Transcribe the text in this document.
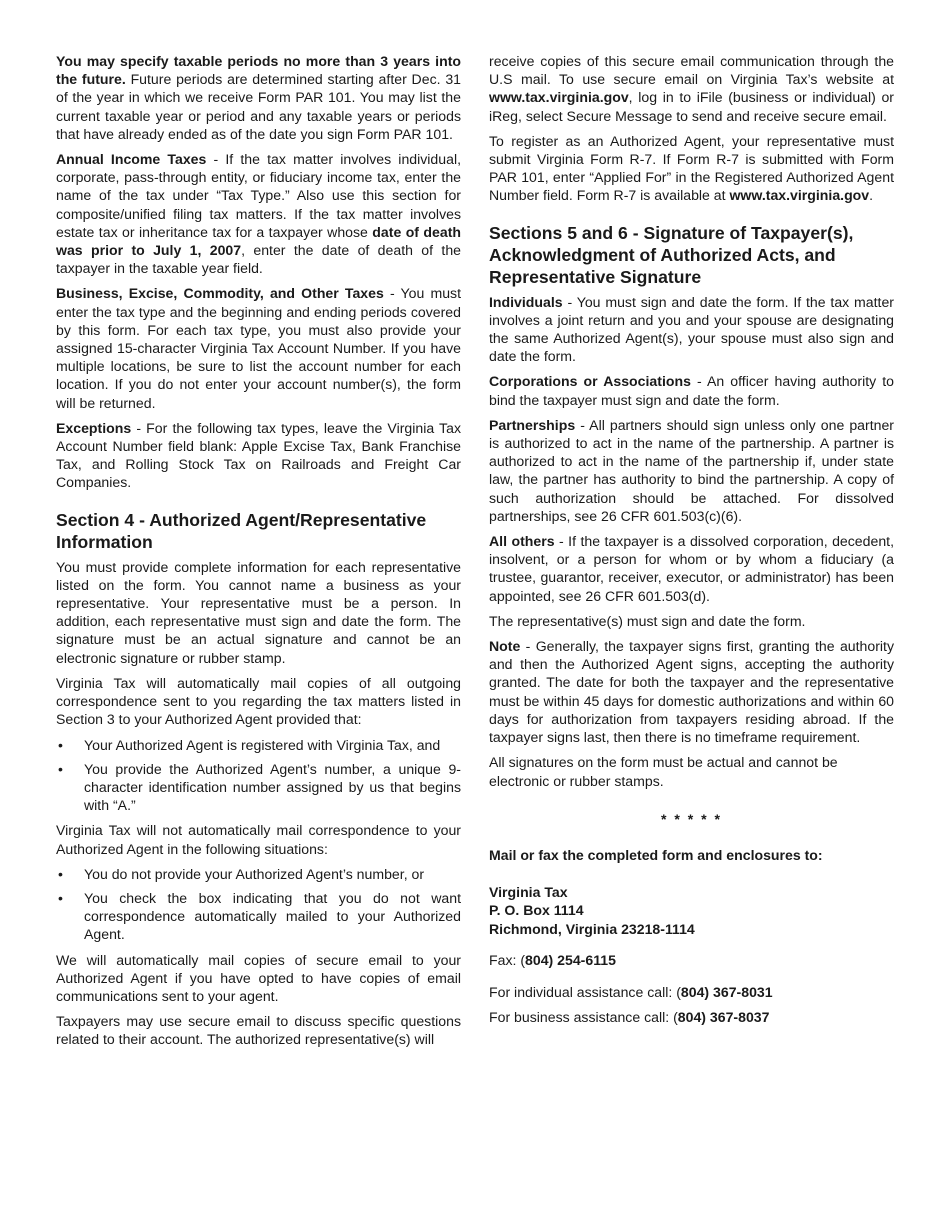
You may specify taxable periods no more than 3 years into the future. Future periods are determined starting after Dec. 31 of the year in which we receive Form PAR 101. You may list the current taxable year or period and any taxable years or periods that have already ended as of the date you sign Form PAR 101.

Annual Income Taxes - If the tax matter involves individual, corporate, pass-through entity, or fiduciary income tax, enter the name of the tax under “Tax Type.” Also use this section for composite/unified filing tax matters. If the tax matter involves estate tax or inheritance tax for a taxpayer whose date of death was prior to July 1, 2007, enter the date of death of the taxpayer in the taxable year field.

Business, Excise, Commodity, and Other Taxes - You must enter the tax type and the beginning and ending periods covered by this form. For each tax type, you must also provide your assigned 15-character Virginia Tax Account Number. If you have multiple locations, be sure to list the account number for each location. If you do not enter your account number(s), the form will be returned.

Exceptions - For the following tax types, leave the Virginia Tax Account Number field blank: Apple Excise Tax, Bank Franchise Tax, and Rolling Stock Tax on Railroads and Freight Car Companies.

Section 4 - Authorized Agent/Representative Information

You must provide complete information for each representative listed on the form. You cannot name a business as your representative. Your representative must be a person. In addition, each representative must sign and date the form. The signature must be an actual signature and cannot be an electronic signature or rubber stamp.

Virginia Tax will automatically mail copies of all outgoing correspondence sent to you regarding the tax matters listed in Section 3 to your Authorized Agent provided that:

• Your Authorized Agent is registered with Virginia Tax, and
• You provide the Authorized Agent’s number, a unique 9-character identification number assigned by us that begins with “A.”

Virginia Tax will not automatically mail correspondence to your Authorized Agent in the following situations:

• You do not provide your Authorized Agent’s number, or
• You check the box indicating that you do not want correspondence automatically mailed to your Authorized Agent.

We will automatically mail copies of secure email to your Authorized Agent if you have opted to have copies of email communications sent to your agent.

Taxpayers may use secure email to discuss specific questions related to their account. The authorized representative(s) will

receive copies of this secure email communication through the U.S mail. To use secure email on Virginia Tax’s website at www.tax.virginia.gov, log in to iFile (business or individual) or iReg, select Secure Message to send and receive secure email.

To register as an Authorized Agent, your representative must submit Virginia Form R-7. If Form R-7 is submitted with Form PAR 101, enter “Applied For” in the Registered Authorized Agent Number field. Form R-7 is available at www.tax.virginia.gov.

Sections 5 and 6 - Signature of Taxpayer(s), Acknowledgment of Authorized Acts, and Representative Signature

Individuals - You must sign and date the form. If the tax matter involves a joint return and you and your spouse are designating the same Authorized Agent(s), your spouse must also sign and date the form.

Corporations or Associations - An officer having authority to bind the taxpayer must sign and date the form.

Partnerships - All partners should sign unless only one partner is authorized to act in the name of the partnership. A partner is authorized to act in the name of the partnership if, under state law, the partner has authority to bind the partnership. A copy of such authorization should be attached. For dissolved partnerships, see 26 CFR 601.503(c)(6).

All others - If the taxpayer is a dissolved corporation, decedent, insolvent, or a person for whom or by whom a fiduciary (a trustee, guarantor, receiver, executor, or administrator) has been appointed, see 26 CFR 601.503(d).

The representative(s) must sign and date the form.

Note - Generally, the taxpayer signs first, granting the authority and then the Authorized Agent signs, accepting the authority granted. The date for both the taxpayer and the representative must be within 45 days for domestic authorizations and within 60 days for authorization from taxpayers residing abroad. If the taxpayer signs last, then there is no timeframe requirement.

All signatures on the form must be actual and cannot be electronic or rubber stamps.

* * * * *

Mail or fax the completed form and enclosures to:

Virginia Tax

P. O. Box 1114

Richmond, Virginia 23218-1114

Fax: (804) 254-6115

For individual assistance call: (804) 367-8031

For business assistance call: (804) 367-8037
